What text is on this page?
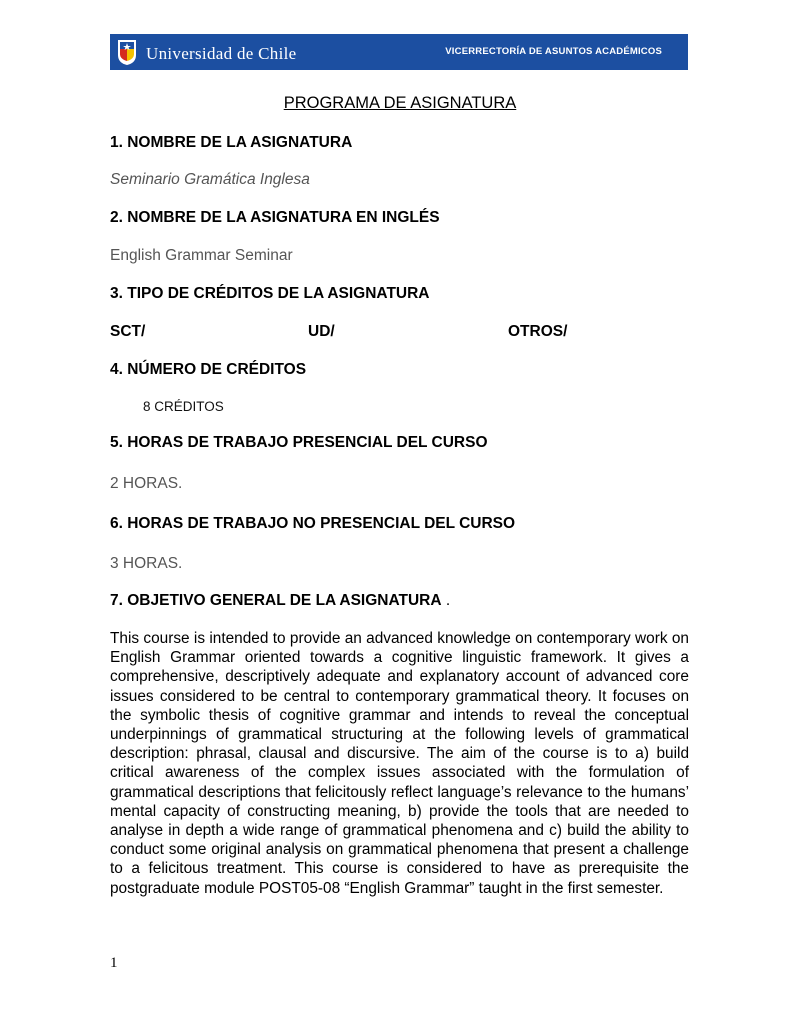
Universidad de Chile	VICERRECTORÍA DE ASUNTOS ACADÉMICOS
PROGRAMA DE ASIGNATURA
1. NOMBRE DE LA ASIGNATURA
Seminario Gramática Inglesa
2. NOMBRE DE LA ASIGNATURA EN INGLÉS
English Grammar Seminar
3. TIPO DE CRÉDITOS DE LA ASIGNATURA
SCT/	UD/	OTROS/
4. NÚMERO DE CRÉDITOS
8 CRÉDITOS
5. HORAS DE TRABAJO PRESENCIAL DEL CURSO
2 HORAS.
6. HORAS DE TRABAJO NO PRESENCIAL DEL CURSO
3 HORAS.
7. OBJETIVO GENERAL DE LA ASIGNATURA .
This course is intended to provide an advanced knowledge on contemporary work on English Grammar oriented towards a cognitive linguistic framework. It gives a comprehensive, descriptively adequate and explanatory account of advanced core issues considered to be central to contemporary grammatical theory. It focuses on the symbolic thesis of cognitive grammar and intends to reveal the conceptual underpinnings of grammatical structuring at the following levels of grammatical description: phrasal, clausal and discursive. The aim of the course is to a) build critical awareness of the complex issues associated with the formulation of grammatical descriptions that felicitously reflect language’s relevance to the humans’ mental capacity of constructing meaning, b) provide the tools that are needed to analyse in depth a wide range of grammatical phenomena and c) build the ability to conduct some original analysis on grammatical phenomena that present a challenge to a felicitous treatment. This course is considered to have as prerequisite the postgraduate module POST05-08 “English Grammar” taught in the first semester.
1
